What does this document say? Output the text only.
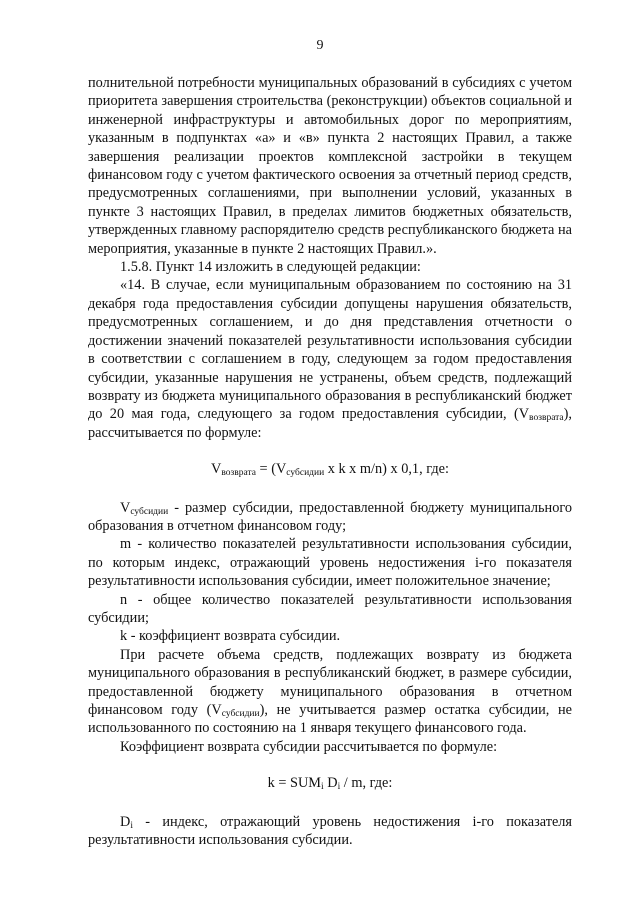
9

полнительной потребности муниципальных образований в субсидиях с учетом приоритета завершения строительства (реконструкции) объектов социальной и инженерной инфраструктуры и автомобильных дорог по мероприятиям, указанным в подпунктах «а» и «в» пункта 2 настоящих Правил, а также завершения реализации проектов комплексной застройки в текущем финансовом году с учетом фактического освоения за отчетный период средств, предусмотренных соглашениями, при выполнении условий, указанных в пункте 3 настоящих Правил, в пределах лимитов бюджетных обязательств, утвержденных главному распорядителю средств республиканского бюджета на мероприятия, указанные в пункте 2 настоящих Правил.».

1.5.8. Пункт 14 изложить в следующей редакции:

«14. В случае, если муниципальным образованием по состоянию на 31 декабря года предоставления субсидии допущены нарушения обязательств, предусмотренных соглашением, и до дня представления отчетности о достижении значений показателей результативности использования субсидии в соответствии с соглашением в году, следующем за годом предоставления субсидии, указанные нарушения не устранены, объем средств, подлежащий возврату из бюджета муниципального образования в республиканский бюджет до 20 мая года, следующего за годом предоставления субсидии, $(V_{возврата})$, рассчитывается по формуле:

$V_{возврата} = (V_{субсидии}$ x k x m/n) x 0,1, где:

$V_{субсидии}$ - размер субсидии, предоставленной бюджету муниципального образования в отчетном финансовом году;

m - количество показателей результативности использования субсидии, по которым индекс, отражающий уровень недостижения i-го показателя результативности использования субсидии, имеет положительное значение;

n - общее количество показателей результативности использования субсидии;

k - коэффициент возврата субсидии.

При расчете объема средств, подлежащих возврату из бюджета муниципального образования в республиканский бюджет, в размере субсидии, предоставленной бюджету муниципального образования в отчетном финансовом году $(V_{субсидии})$, не учитывается размер остатка субсидии, не использованного по состоянию на 1 января текущего финансового года.

Коэффициент возврата субсидии рассчитывается по формуле:

$k = SUM_i$ $D_i$ / m, где:

$D_i$ - индекс, отражающий уровень недостижения i-го показателя результативности использования субсидии.
